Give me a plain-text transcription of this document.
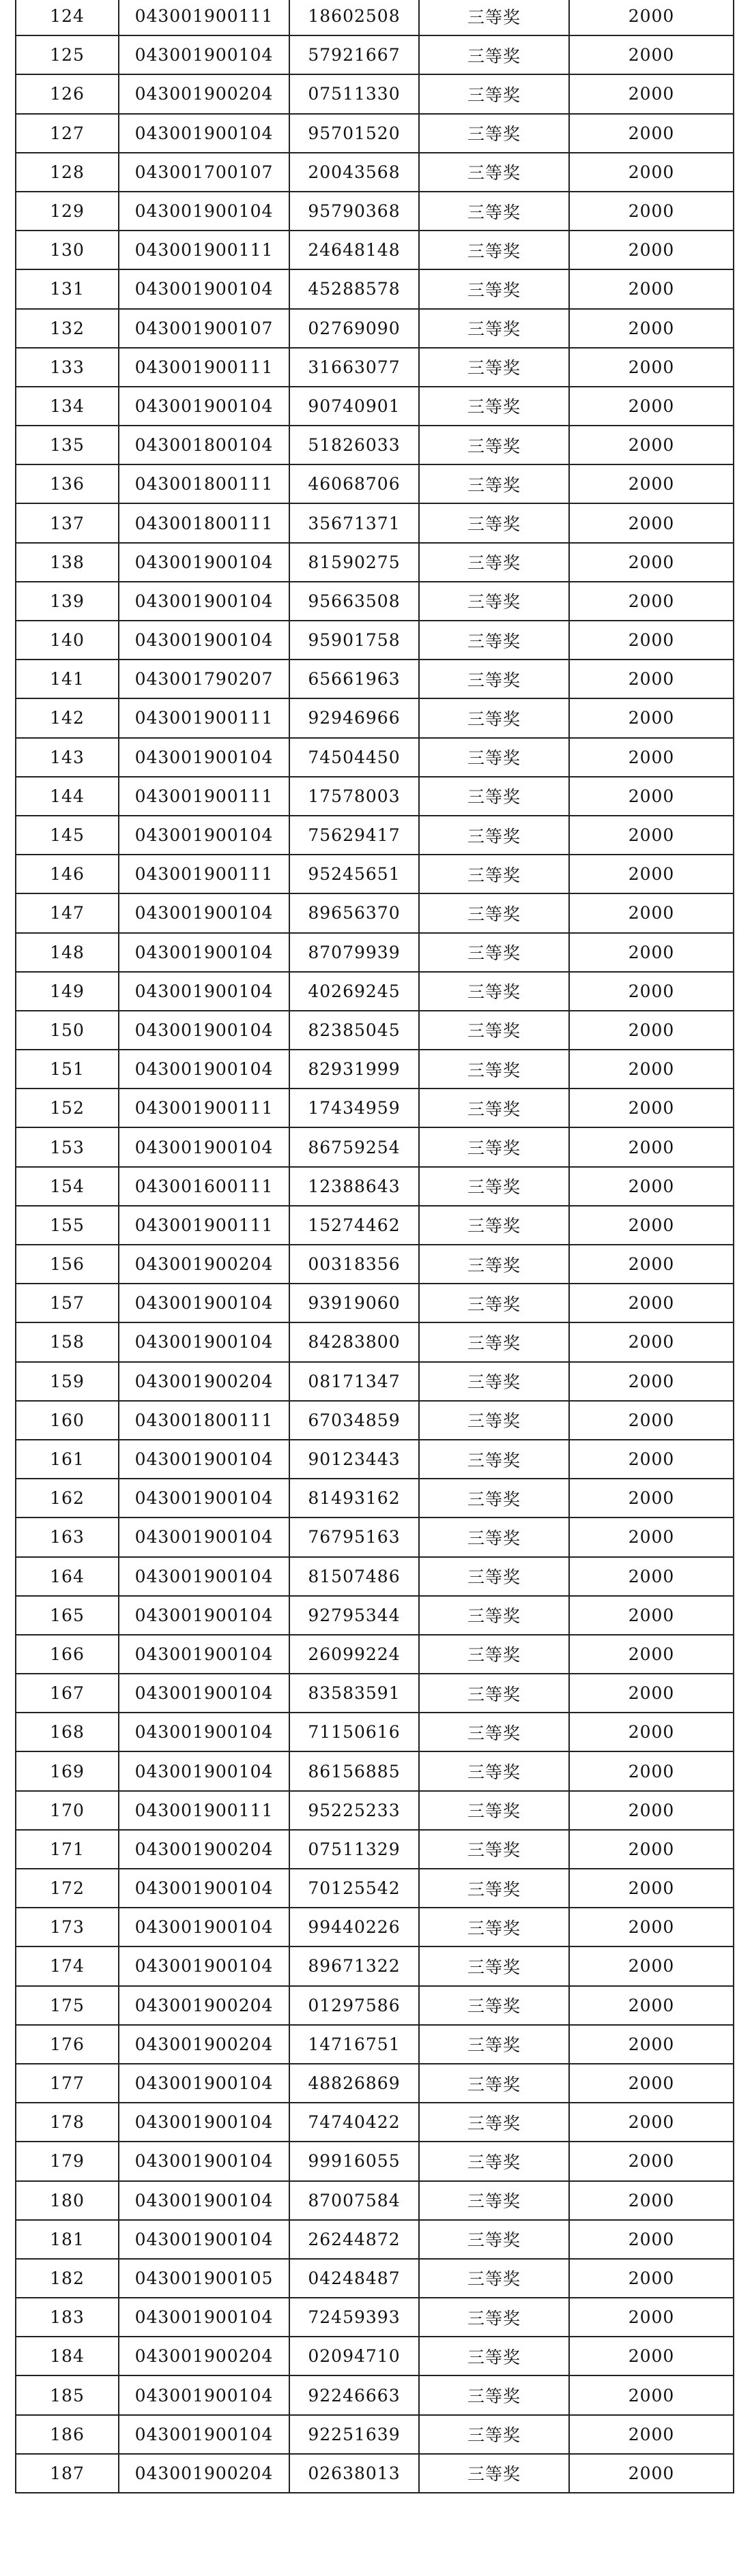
124	043001900111	18602508	三等奖	2000
125	043001900104	57921667	三等奖	2000
126	043001900204	07511330	三等奖	2000
127	043001900104	95701520	三等奖	2000
128	043001700107	20043568	三等奖	2000
129	043001900104	95790368	三等奖	2000
130	043001900111	24648148	三等奖	2000
131	043001900104	45288578	三等奖	2000
132	043001900107	02769090	三等奖	2000
133	043001900111	31663077	三等奖	2000
134	043001900104	90740901	三等奖	2000
135	043001800104	51826033	三等奖	2000
136	043001800111	46068706	三等奖	2000
137	043001800111	35671371	三等奖	2000
138	043001900104	81590275	三等奖	2000
139	043001900104	95663508	三等奖	2000
140	043001900104	95901758	三等奖	2000
141	043001790207	65661963	三等奖	2000
142	043001900111	92946966	三等奖	2000
143	043001900104	74504450	三等奖	2000
144	043001900111	17578003	三等奖	2000
145	043001900104	75629417	三等奖	2000
146	043001900111	95245651	三等奖	2000
147	043001900104	89656370	三等奖	2000
148	043001900104	87079939	三等奖	2000
149	043001900104	40269245	三等奖	2000
150	043001900104	82385045	三等奖	2000
151	043001900104	82931999	三等奖	2000
152	043001900111	17434959	三等奖	2000
153	043001900104	86759254	三等奖	2000
154	043001600111	12388643	三等奖	2000
155	043001900111	15274462	三等奖	2000
156	043001900204	00318356	三等奖	2000
157	043001900104	93919060	三等奖	2000
158	043001900104	84283800	三等奖	2000
159	043001900204	08171347	三等奖	2000
160	043001800111	67034859	三等奖	2000
161	043001900104	90123443	三等奖	2000
162	043001900104	81493162	三等奖	2000
163	043001900104	76795163	三等奖	2000
164	043001900104	81507486	三等奖	2000
165	043001900104	92795344	三等奖	2000
166	043001900104	26099224	三等奖	2000
167	043001900104	83583591	三等奖	2000
168	043001900104	71150616	三等奖	2000
169	043001900104	86156885	三等奖	2000
170	043001900111	95225233	三等奖	2000
171	043001900204	07511329	三等奖	2000
172	043001900104	70125542	三等奖	2000
173	043001900104	99440226	三等奖	2000
174	043001900104	89671322	三等奖	2000
175	043001900204	01297586	三等奖	2000
176	043001900204	14716751	三等奖	2000
177	043001900104	48826869	三等奖	2000
178	043001900104	74740422	三等奖	2000
179	043001900104	99916055	三等奖	2000
180	043001900104	87007584	三等奖	2000
181	043001900104	26244872	三等奖	2000
182	043001900105	04248487	三等奖	2000
183	043001900104	72459393	三等奖	2000
184	043001900204	02094710	三等奖	2000
185	043001900104	92246663	三等奖	2000
186	043001900104	92251639	三等奖	2000
187	043001900204	02638013	三等奖	2000
